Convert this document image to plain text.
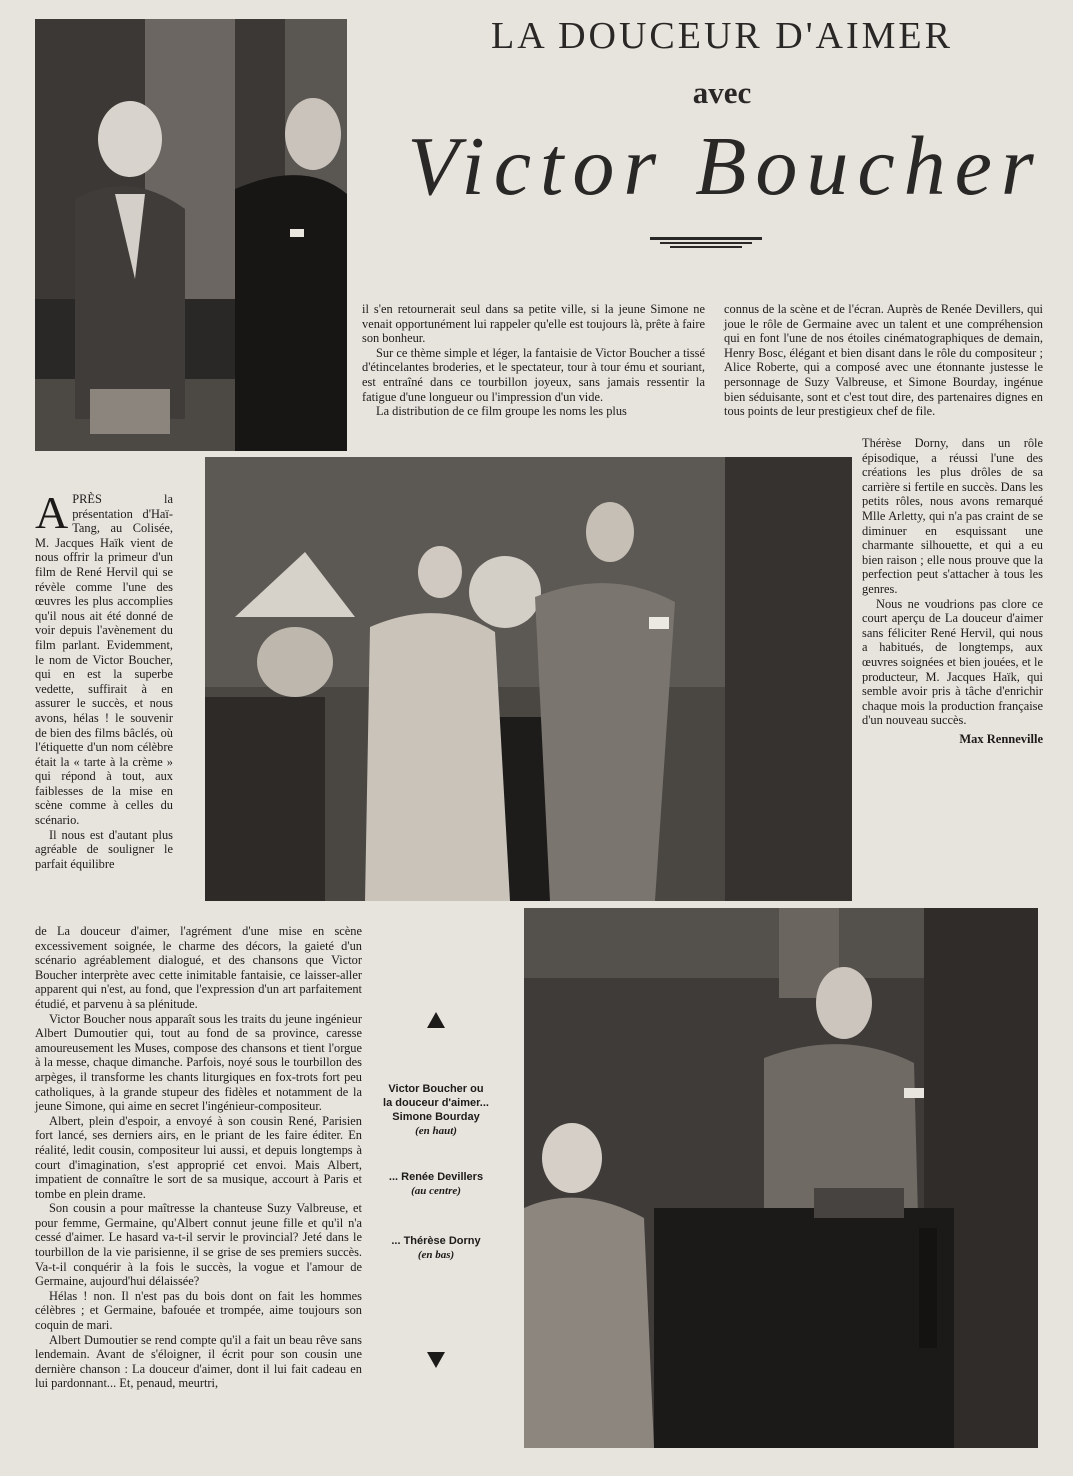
LA DOUCEUR D'AIMER
avec
Victor Boucher
A PRÈS la présentation d'Haï-Tang, au Colisée, M. Jacques Haïk vient de nous offrir la primeur d'un film de René Hervil qui se révèle comme l'une des œuvres les plus accomplies qu'il nous ait été donné de voir depuis l'avènement du film parlant. Evidemment, le nom de Victor Boucher, qui en est la superbe vedette, suffirait à en assurer le succès, et nous avons, hélas ! le souvenir de bien des films bâclés, où l'étiquette d'un nom célèbre était la « tarte à la crème » qui répond à tout, aux faiblesses de la mise en scène comme à celles du scénario.

Il nous est d'autant plus agréable de souligner le parfait équilibre

de La douceur d'aimer, l'agrément d'une mise en scène excessivement soignée, le charme des décors, la gaieté d'un scénario agréablement dialogué, et des chansons que Victor Boucher interprète avec cette inimitable fantaisie, ce laisser-aller apparent qui n'est, au fond, que l'expression d'un art parfaitement étudié, et parvenu à sa plénitude.

Victor Boucher nous apparaît sous les traits du jeune ingénieur Albert Dumoutier qui, tout au fond de sa province, caresse amoureusement les Muses, compose des chansons et tient l'orgue à la messe, chaque dimanche. Parfois, noyé sous le tourbillon des arpèges, il transforme les chants liturgiques en fox-trots fort peu catholiques, à la grande stupeur des fidèles et notamment de la jeune Simone, qui aime en secret l'ingénieur-compositeur.

Albert, plein d'espoir, a envoyé à son cousin René, Parisien fort lancé, ses derniers airs, en le priant de les faire éditer. En réalité, ledit cousin, compositeur lui aussi, et depuis longtemps à court d'imagination, s'est approprié cet envoi. Mais Albert, impatient de connaître le sort de sa musique, accourt à Paris et tombe en plein drame.

Son cousin a pour maîtresse la chanteuse Suzy Valbreuse, et pour femme, Germaine, qu'Albert connut jeune fille et qu'il n'a cessé d'aimer. Le hasard va-t-il servir le provincial? Jeté dans le tourbillon de la vie parisienne, il se grise de ses premiers succès. Va-t-il conquérir à la fois le succès, la vogue et l'amour de Germaine, aujourd'hui délaissée?

Hélas ! non. Il n'est pas du bois dont on fait les hommes célèbres ; et Germaine, bafouée et trompée, aime toujours son coquin de mari.

Albert Dumoutier se rend compte qu'il a fait un beau rêve sans lendemain. Avant de s'éloigner, il écrit pour son cousin une dernière chanson : La douceur d'aimer, dont il lui fait cadeau en lui pardonnant... Et, penaud, meurtri,

il s'en retournerait seul dans sa petite ville, si la jeune Simone ne venait opportunément lui rappeler qu'elle est toujours là, prête à faire son bonheur.

Sur ce thème simple et léger, la fantaisie de Victor Boucher a tissé d'étincelantes broderies, et le spectateur, tour à tour ému et souriant, est entraîné dans ce tourbillon joyeux, sans jamais ressentir la fatigue d'une longueur ou l'impression d'un vide.

La distribution de ce film groupe les noms les plus

connus de la scène et de l'écran. Auprès de Renée Devillers, qui joue le rôle de Germaine avec un talent et une compréhension qui en font l'une de nos étoiles cinématographiques de demain, Henry Bosc, élégant et bien disant dans le rôle du compositeur ; Alice Roberte, qui a composé avec une étonnante justesse le personnage de Suzy Valbreuse, et Simone Bourday, ingénue bien séduisante, sont et c'est tout dire, des partenaires dignes en tous points de leur prestigieux chef de file.

Thérèse Dorny, dans un rôle épisodique, a réussi l'une des créations les plus drôles de sa carrière si fertile en succès. Dans les petits rôles, nous avons remarqué Mlle Arletty, qui n'a pas craint de se diminuer en esquissant une charmante silhouette, et qui a eu bien raison ; elle nous prouve que la perfection peut s'attacher à tous les genres.

Nous ne voudrions pas clore ce court aperçu de La douceur d'aimer sans féliciter René Hervil, qui nous a habitués, de longtemps, aux œuvres soignées et bien jouées, et le producteur, M. Jacques Haïk, qui semble avoir pris à tâche d'enrichir chaque mois la production française d'un nouveau succès.

Max Renneville
Victor Boucher ou
la douceur d'aimer...
Simone Bourday
(en haut)
... Renée Devillers
(au centre)
... Thérèse Dorny
(en bas)
